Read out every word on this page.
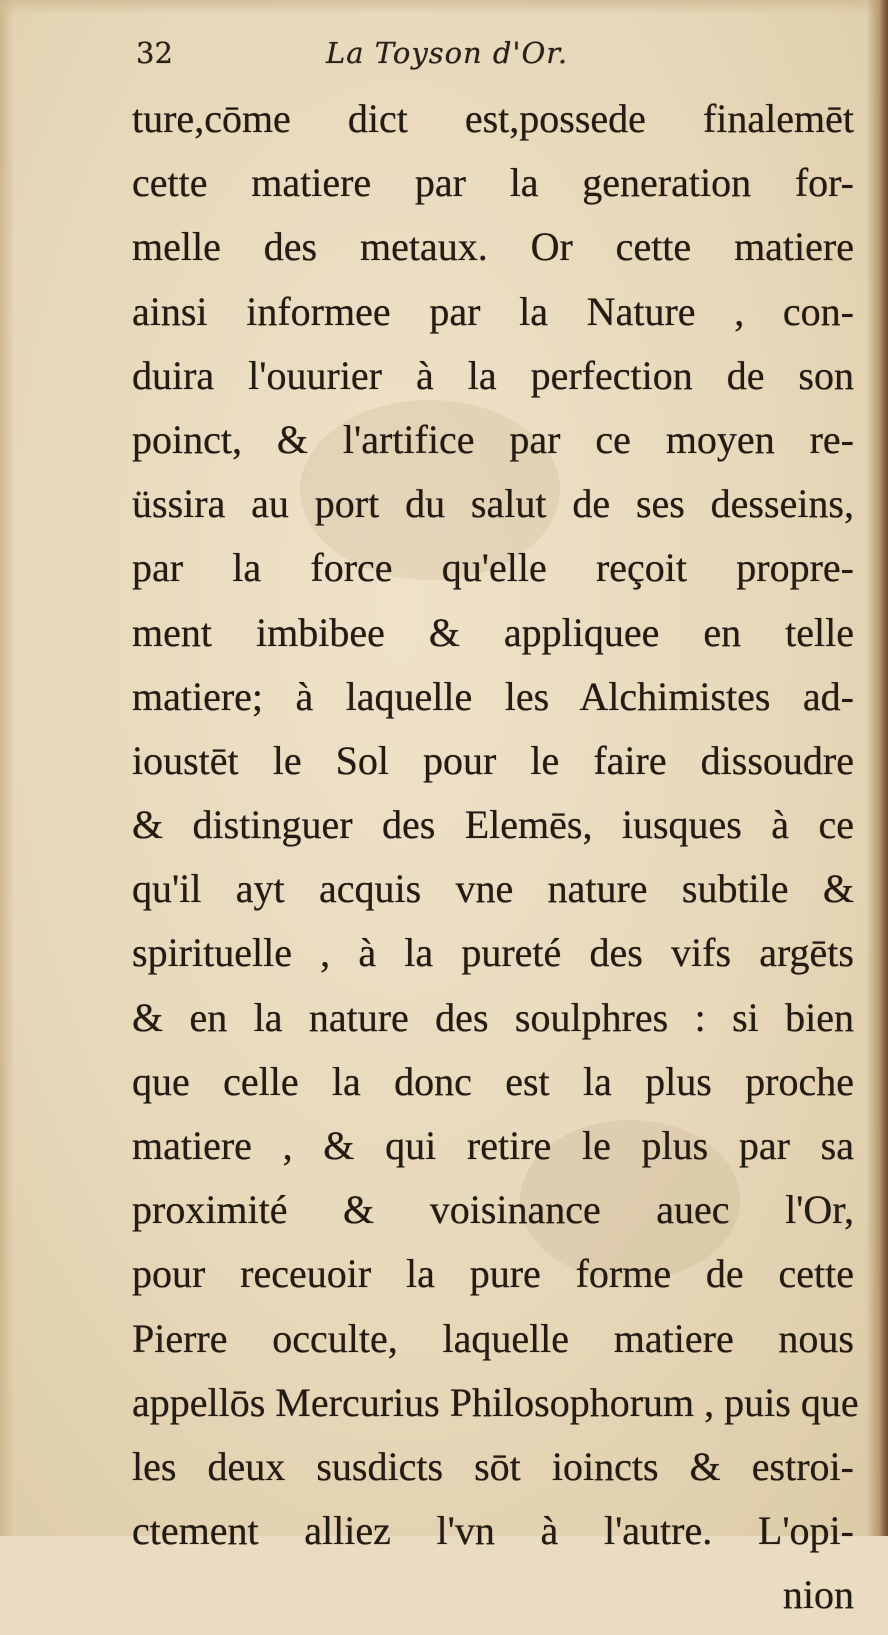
32	La Toyson d'Or.
ture,cōme dict est,possede finalemēt
cette matiere par la generation for-
melle des metaux. Or cette matiere
ainsi informee par la Nature , con-
duira l'ouurier à la perfection de son
poinct, & l'artifice par ce moyen re-
üssira au port du salut de ses desseins,
par la force qu'elle reçoit propre-
ment imbibee & appliquee en telle
matiere; à laquelle les Alchimistes ad-
ioustēt le Sol pour le faire dissoudre
& distinguer des Elemēs, iusques à ce
qu'il ayt acquis vne nature subtile &
spirituelle , à la pureté des vifs argēts
& en la nature des soulphres : si bien
que celle la donc est la plus proche
matiere , & qui retire le plus par sa
proximité & voisinance auec l'Or,
pour receuoir la pure forme de cette
Pierre occulte, laquelle matiere nous
appellōs Mercurius Philosophorum , puis que
les deux susdicts sōt ioincts & estroi-
ctement alliez l'vn à l'autre. L'opi-
nion
